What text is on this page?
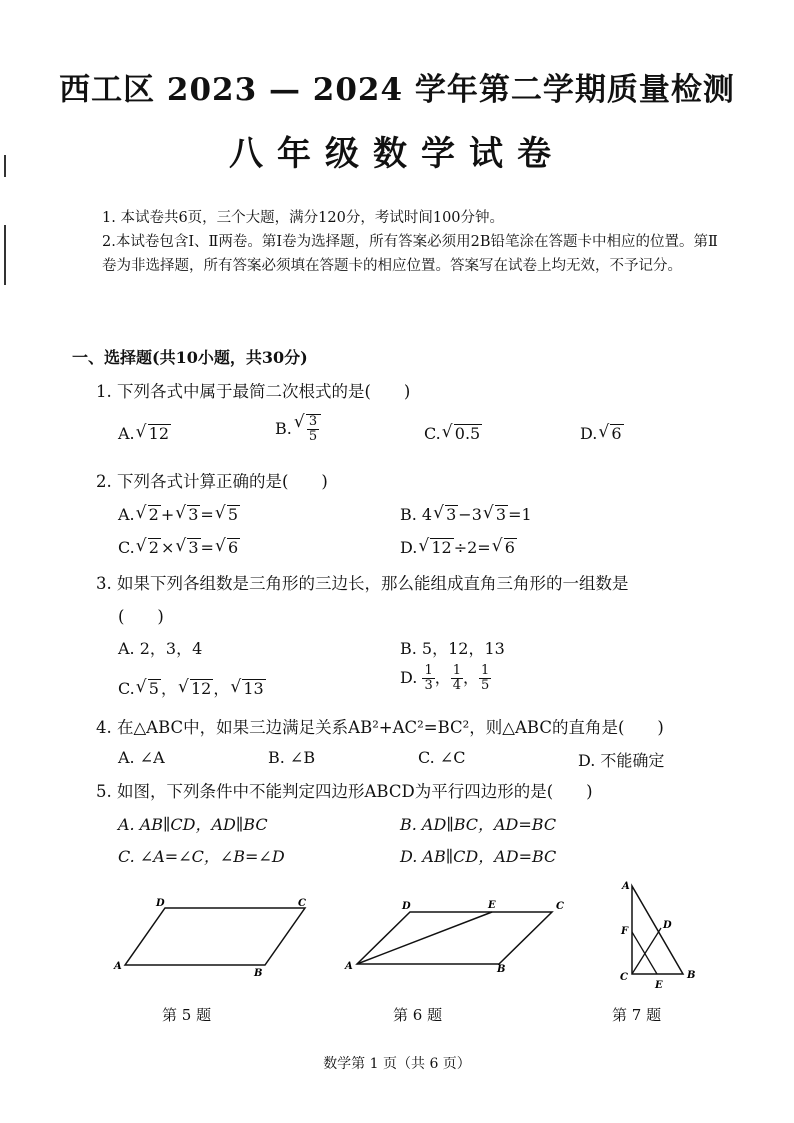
西工区 2023 — 2024 学年第二学期质量检测
八年级数学试卷

1. 本试卷共6页，三个大题，满分120分，考试时间100分钟。

2.本试卷包含Ⅰ、Ⅱ两卷。第Ⅰ卷为选择题，所有答案必须用2B铅笔涂在答题卡中相应的位置。第Ⅱ卷为非选择题，所有答案必须填在答题卡的相应位置。答案写在试卷上均无效，不予记分。

一、选择题(共10小题，共30分)
1. 下列各式中属于最简二次根式的是(　　)
A. √ 12	B. √ $\frac{3}{5}$	C. √ 0.5	D. √ 6
2. 下列各式计算正确的是(　　)
A. √ 2 + √ 3 = √ 5	B. 4 √ 3 −3 √ 3 =1
C. √ 2 × √ 3 = √ 6	D. √ 12 ÷2= √ 6
3. 如果下列各组数是三角形的三边长，那么能组成直角三角形的一组数是
(　　)
A. 2，3，4	B. 5，12，13
C. √ 5 ， √ 12 ， √ 13
D. $\frac{1}{3}$ ， $\frac{1}{4}$ ， $\frac{1}{5}$
4. 在△ABC中，如果三边满足关系AB²+AC²=BC²，则△ABC的直角是(　　)
A. ∠A	B. ∠B	C. ∠C	D. 不能确定
5. 如图，下列条件中不能判定四边形ABCD为平行四边形的是(　　)
A. AB∥CD，AD∥BC	B. AD∥BC，AD=BC
C. ∠A=∠C，∠B=∠D	D. AB∥CD，AD=BC
A
B
C
D
第 5 题
A	B
C
D	E
第 6 题
A
B
C
D
E
F
第 7 题
数学第 1 页（共 6 页）
